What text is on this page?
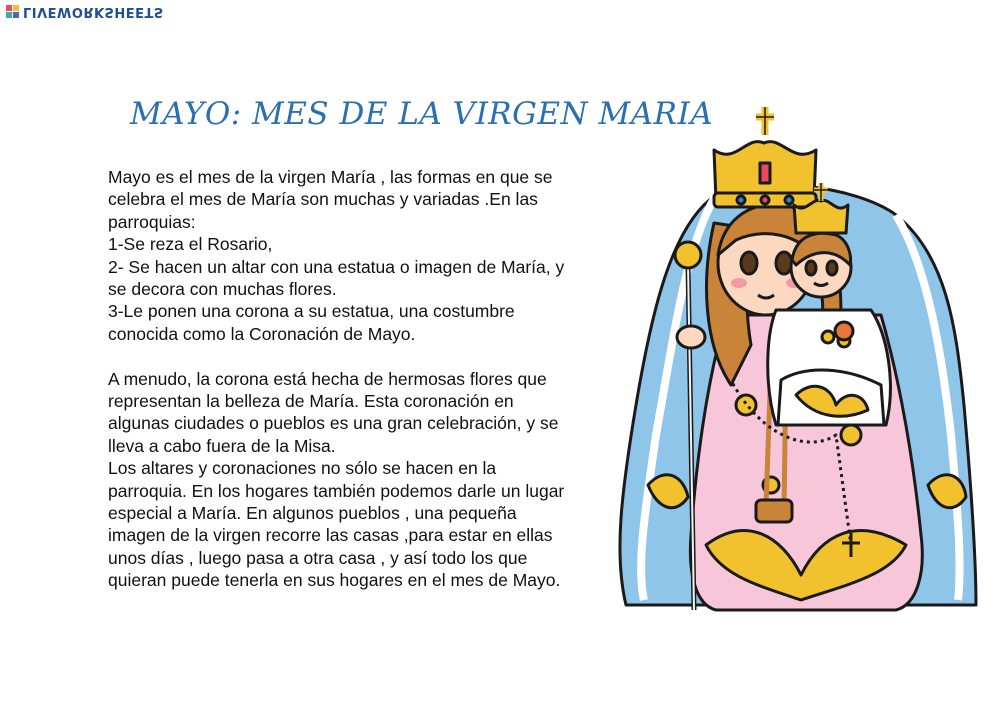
LIVEWORKSHEETS
MAYO: MES DE LA VIRGEN MARIA

Mayo es el mes de la virgen María , las formas en que se

celebra el mes de María son muchas y variadas .En las

parroquias:

1-Se reza el Rosario,

2- Se hacen un altar con una estatua o imagen de María, y

se decora con muchas flores.

3-Le ponen una corona a su estatua, una costumbre

conocida como la Coronación de Mayo.

A menudo, la corona está hecha de hermosas flores que

representan la belleza de María. Esta coronación en

algunas ciudades o pueblos es una gran celebración, y se

lleva a cabo fuera de la Misa.

Los altares y coronaciones no sólo se hacen en la

parroquia. En los hogares también podemos darle un lugar

especial a María. En algunos pueblos , una pequeña

imagen de la virgen recorre las casas ,para estar en ellas

unos días , luego pasa a otra casa , y así todo los que

quieran puede tenerla en sus hogares en el mes de Mayo.
